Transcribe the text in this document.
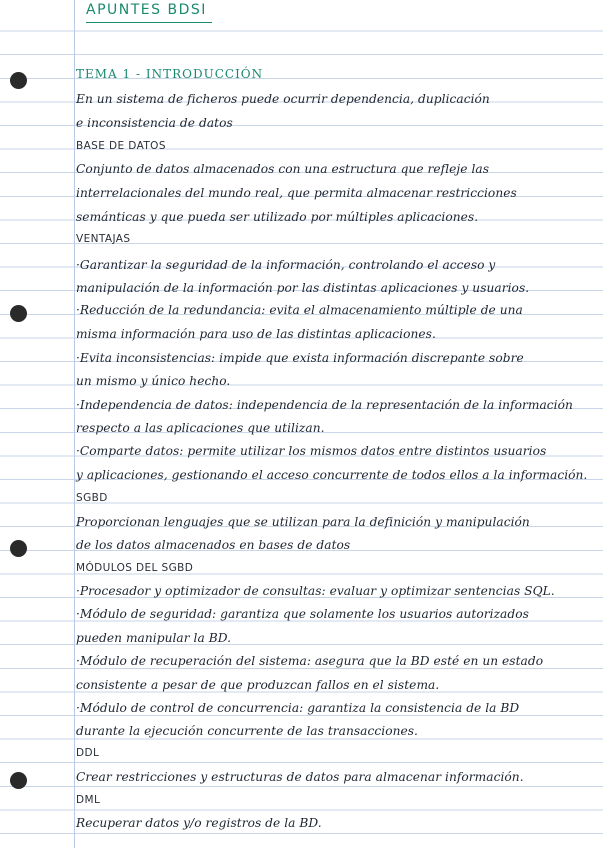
APUNTES BDSI
TEMA 1 - INTRODUCCIÓN
En un sistema de ficheros puede ocurrir dependencia, duplicación
e inconsistencia de datos
BASE DE DATOS
Conjunto de datos almacenados con una estructura que refleje las
interrelacionales del mundo real, que permita almacenar restricciones
semánticas y que pueda ser utilizado por múltiples aplicaciones.
VENTAJAS
·Garantizar la seguridad de la información, controlando el acceso y
manipulación de la información por las distintas aplicaciones y usuarios.
·Reducción de la redundancia: evita el almacenamiento múltiple de una
misma información para uso de las distintas aplicaciones.
·Evita inconsistencias: impide que exista información discrepante sobre
un mismo y único hecho.
·Independencia de datos: independencia de la representación de la información
respecto a las aplicaciones que utilizan.
·Comparte datos: permite utilizar los mismos datos entre distintos usuarios
y aplicaciones, gestionando el acceso concurrente de todos ellos a la información.
SGBD
Proporcionan lenguajes que se utilizan para la definición y manipulación
de los datos almacenados en bases de datos
MÓDULOS DEL SGBD
·Procesador y optimizador de consultas: evaluar y optimizar sentencias SQL.
·Módulo de seguridad: garantiza que solamente los usuarios autorizados
pueden manipular la BD.
·Módulo de recuperación del sistema: asegura que la BD esté en un estado
consistente a pesar de que produzcan fallos en el sistema.
·Módulo de control de concurrencia: garantiza la consistencia de la BD
durante la ejecución concurrente de las transacciones.
DDL
Crear restricciones y estructuras de datos para almacenar información.
DML
Recuperar datos y/o registros de la BD.
